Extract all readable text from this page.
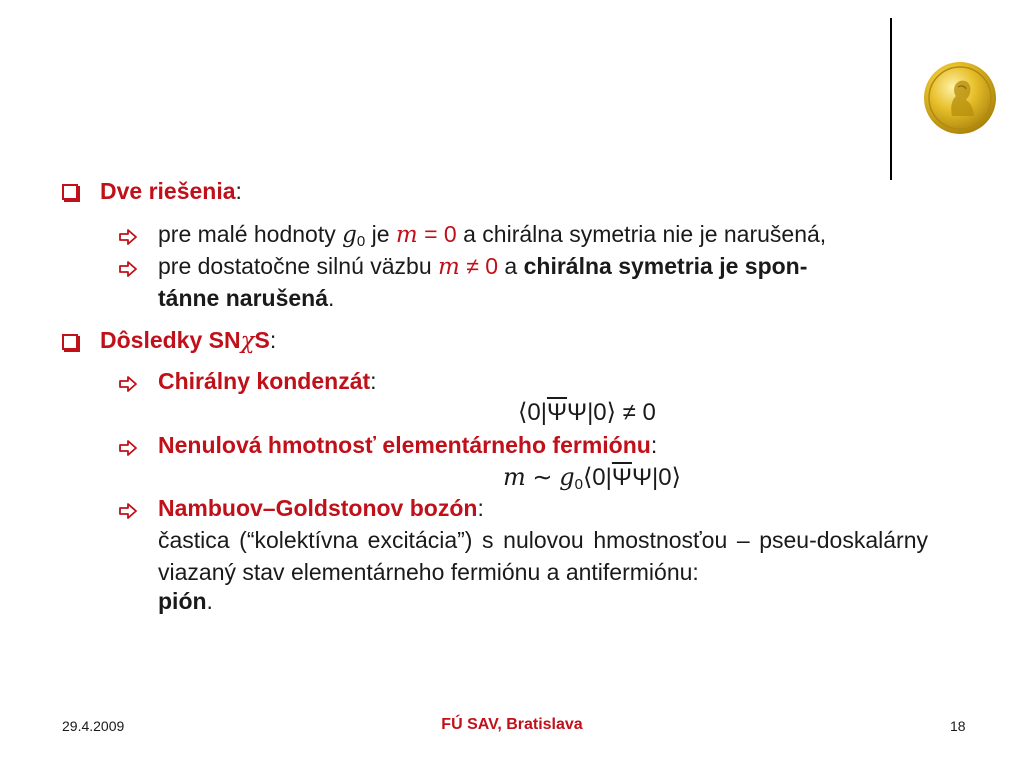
Dve riešenia:
pre malé hodnoty $g_0$ je m = 0 a chirálna symetria nie je narušená,
pre dostatočne silnú väzbu m ≠ 0 a chirálna symetria je spon-
tánne narušená.
Dôsledky SNχS:
Chirálny kondenzát:
$⟨0|\overline{\Psi}\Psi|0⟩ \ne 0$
Nenulová hmotnosť elementárneho fermiónu:
m ∼ $g_0⟨0|\overline{\Psi}\Psi|0⟩$
Nambuov–Goldstonov bozón:
častica (“kolektívna excitácia”) s nulovou hmostnosťou – pseu-doskalárny viazaný stav elementárneho fermiónu a antifermiónu:
pión.
29.4.2009	FÚ SAV, Bratislava	18
